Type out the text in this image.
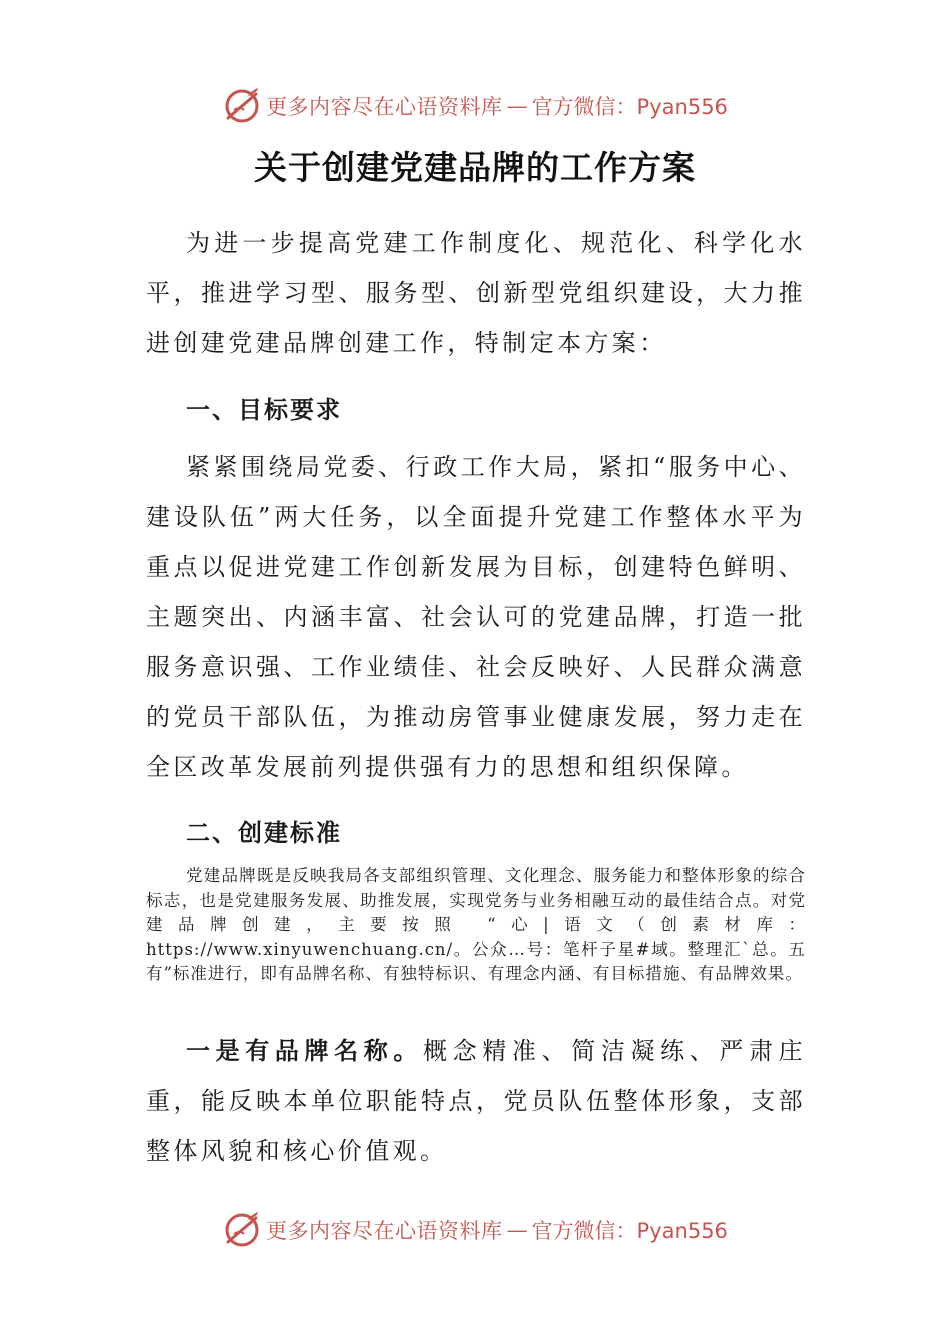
更多内容尽在心语资料库 — 官方微信：Pyan556
关于创建党建品牌的工作方案

为进一步提高党建工作制度化、规范化、科学化水平，推进学习型、服务型、创新型党组织建设，大力推进创建党建品牌创建工作，特制定本方案：

一、目标要求

紧紧围绕局党委、行政工作大局，紧扣“服务中心、建设队伍”两大任务，以全面提升党建工作整体水平为重点以促进党建工作创新发展为目标，创建特色鲜明、主题突出、内涵丰富、社会认可的党建品牌，打造一批服务意识强、工作业绩佳、社会反映好、人民群众满意的党员干部队伍，为推动房管事业健康发展，努力走在全区改革发展前列提供强有力的思想和组织保障。

二、创建标准

党建品牌既是反映我局各支部组织管理、文化理念、服务能力和整体形象的综合标志，也是党建服务发展、助推发展，实现党务与业务相融互动的最佳结合点。对党建品牌创建，主要按照 “心|语文（创素材库：https://www.xinyuwenchuang.cn/。公众…号：笔杆子星#域。整理汇`总。五有”标准进行，即有品牌名称、有独特标识、有理念内涵、有目标措施、有品牌效果。

一是有品牌名称。概念精准、简洁凝练、严肃庄重，能反映本单位职能特点，党员队伍整体形象，支部整体风貌和核心价值观。

更多内容尽在心语资料库 — 官方微信：Pyan556
